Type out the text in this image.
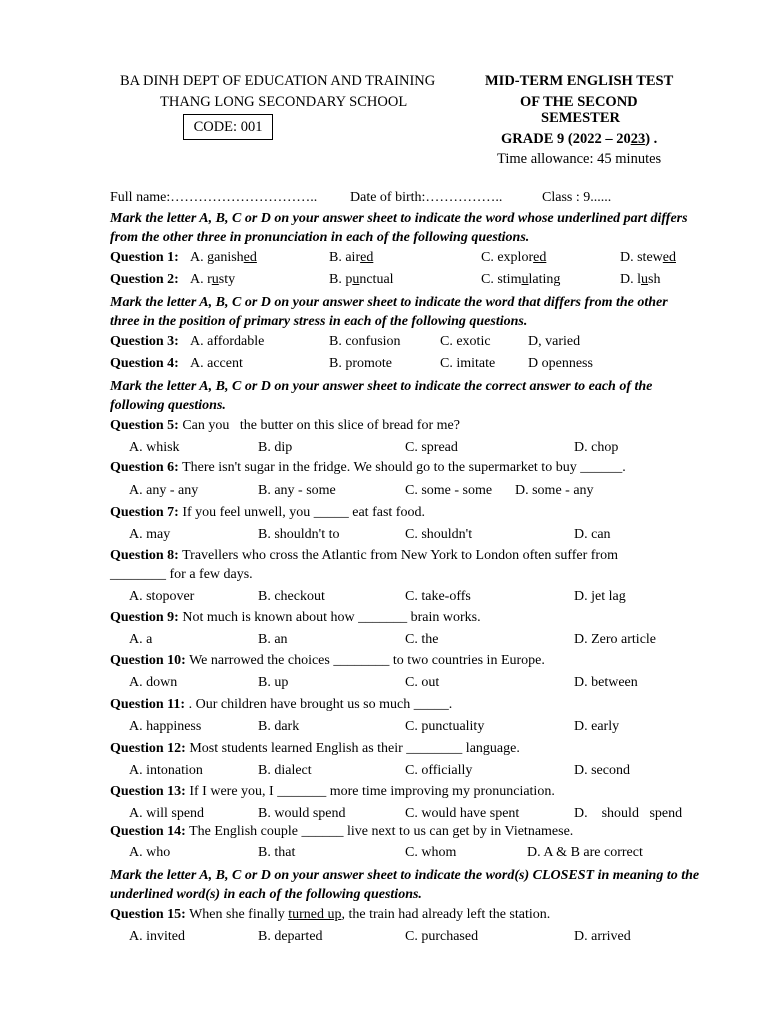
BA DINH DEPT OF EDUCATION AND TRAINING
THANG LONG SECONDARY SCHOOL
CODE: 001
MID-TERM ENGLISH TEST
OF THE SECOND
SEMESTER
GRADE 9 (2022 – 2023) .
Time allowance: 45 minutes
Full name:………………………….. Date of birth:……………..	Class : 9......
Mark the letter A, B, C or D on your answer sheet to indicate the word whose underlined part differs from the other three in pronunciation in each of the following questions.
Question 1: A. ganished	B. aired	C. explored	D. stewed
Question 2: A. rusty	B. punctual	C. stimulating	D. lush
Mark the letter A, B, C or D on your answer sheet to indicate the word that differs from the other three in the position of primary stress in each of the following questions.
Question 3: A. affordable	B. confusion	C. exotic	D, varied
Question 4: A. accent	B. promote	C. imitate D openness
Mark the letter A, B, C or D on your answer sheet to indicate the correct answer to each of the following questions.
Question 5: Can you   the butter on this slice of bread for me?
A. whisk	B. dip	C. spread	D. chop
Question 6: There isn't sugar in the fridge. We should go to the supermarket to buy ______.
A. any - any	B. any - some	C. some - some D. some - any
Question 7: If you feel unwell, you _____ eat fast food.
A. may	B. shouldn't to	C. shouldn't	D. can
Question 8: Travellers who cross the Atlantic from New York to London often suffer from
________ for a few days.
A. stopover	B. checkout	C. take-offs	D. jet lag
Question 9: Not much is known about how _______ brain works.
A. a	B. an	C. the	D. Zero article
Question 10: We narrowed the choices ________ to two countries in Europe.
A. down	B. up	C. out	D. between
Question 11: . Our children have brought us so much _____.
A. happiness	B. dark	C. punctuality	D. early
Question 12: Most students learned English as their ________ language.
A. intonation	B. dialect	C. officially	D. second
Question 13: If I were you, I _______ more time improving my pronunciation.
A. will spend	B. would spend	C. would have spent	D.    should   spend
Question 14: The English couple ______ live next to us can get by in Vietnamese.
A. who	B. that	C. whom	D. A & B are correct
Mark the letter A, B, C or D on your answer sheet to indicate the word(s) CLOSEST in meaning to the underlined word(s) in each of the following questions.
Question 15: When she finally turned up, the train had already left the station.
A. invited	B. departed	C. purchased	D. arrived
